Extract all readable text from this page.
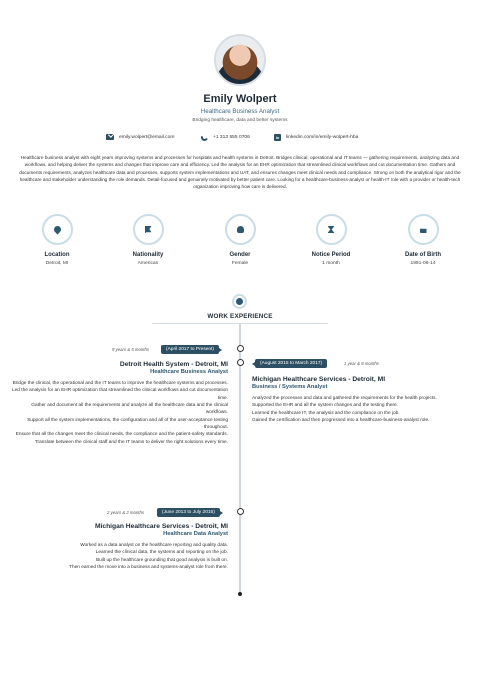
Emily Wolpert
Healthcare Business Analyst
Bridging healthcare, data and better systems
emily.wolpert@email.com	+1 313 555 0706	in	linkedin.com/in/emily-wolpert-hba
Healthcare business analyst with eight years improving systems and processes for hospitals and health systems in Detroit. Bridges clinical, operational and IT teams — gathering requirements, analyzing data and workflows, and helping deliver the systems and changes that improve care and efficiency. Led the analysis for an EHR optimization that streamlined clinical workflows and cut documentation time. Gathers and documents requirements, analyzes healthcare data and processes, supports system implementations and UAT, and ensures changes meet clinical needs and compliance. Strong on both the analytical rigor and the healthcare and stakeholder understanding the role demands. Detail-focused and genuinely motivated by better patient care. Looking for a healthcare-business-analyst or health-IT role with a provider or health-tech organization improving how care is delivered.
Location
Detroit, MI
Nationality
American
Gender
Female
Notice Period
1 month
Date of Birth
1991-06-14
WORK EXPERIENCE
(April 2017 to Present)
9 years & 5 months
Detroit Health System - Detroit, MI
Healthcare Business Analyst
Bridge the clinical, the operational and the IT teams to improve the healthcare systems and processes.
Led the analysis for an EHR optimization that streamlined the clinical workflows and cut documentation time.
Gather and document all the requirements and analyze all the healthcare data and the clinical workflows.
Support all the system implementations, the configuration and all of the user-acceptance testing throughout.
Ensure that all the changes meet the clinical needs, the compliance and the patient-safety standards.
Translate between the clinical staff and the IT teams to deliver the right solutions every time.
(August 2015 to March 2017)	1 year & 8 months
Michigan Healthcare Services - Detroit, MI
Business / Systems Analyst
Analyzed the processes and data and gathered the requirements for the health projects.
Supported the EHR and all the system changes and the testing there.
Learned the healthcare IT, the analysis and the compliance on the job.
Gained the certification and then progressed into a healthcare-business-analyst role.
(June 2013 to July 2015)
2 years & 2 months
Michigan Healthcare Services - Detroit, MI
Healthcare Data Analyst
Worked as a data analyst on the healthcare reporting and quality data.
Learned the clinical data, the systems and reporting on the job.
Built up the healthcare grounding that good analysis is built on.
Then earned the move into a business and systems-analyst role from there.
